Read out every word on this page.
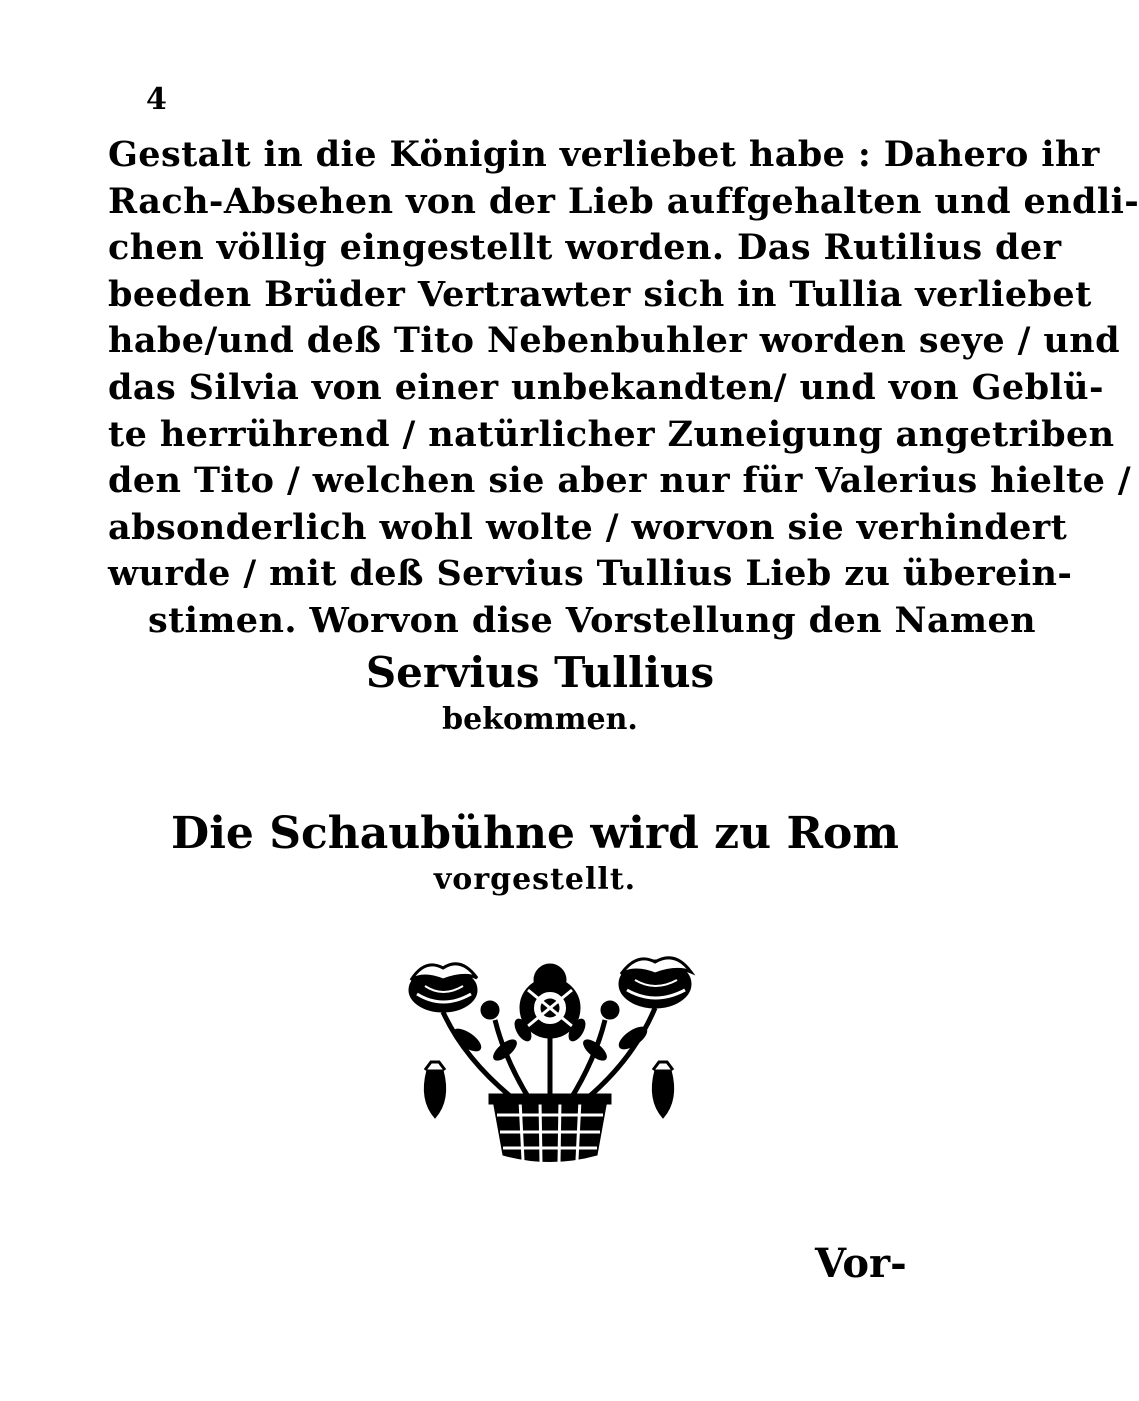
4
Gestalt in die Königin verliebet habe : Dahero ihr
Rach-Absehen von der Lieb auffgehalten und endli-
chen völlig eingestellt worden. Das Rutilius der
beeden Brüder Vertrawter sich in Tullia verliebet
habe/und deß Tito Nebenbuhler worden seye / und
das Silvia von einer unbekandten/ und von Geblü-
te herrührend / natürlicher Zuneigung angetriben
den Tito / welchen sie aber nur für Valerius hielte /
absonderlich wohl wolte / worvon sie verhindert
wurde / mit deß Servius Tullius Lieb zu überein-
stimen. Worvon dise Vorstellung den Namen
Servius Tullius
bekommen.
Die Schaubühne wird zu Rom
vorgestellt.
Vor-
